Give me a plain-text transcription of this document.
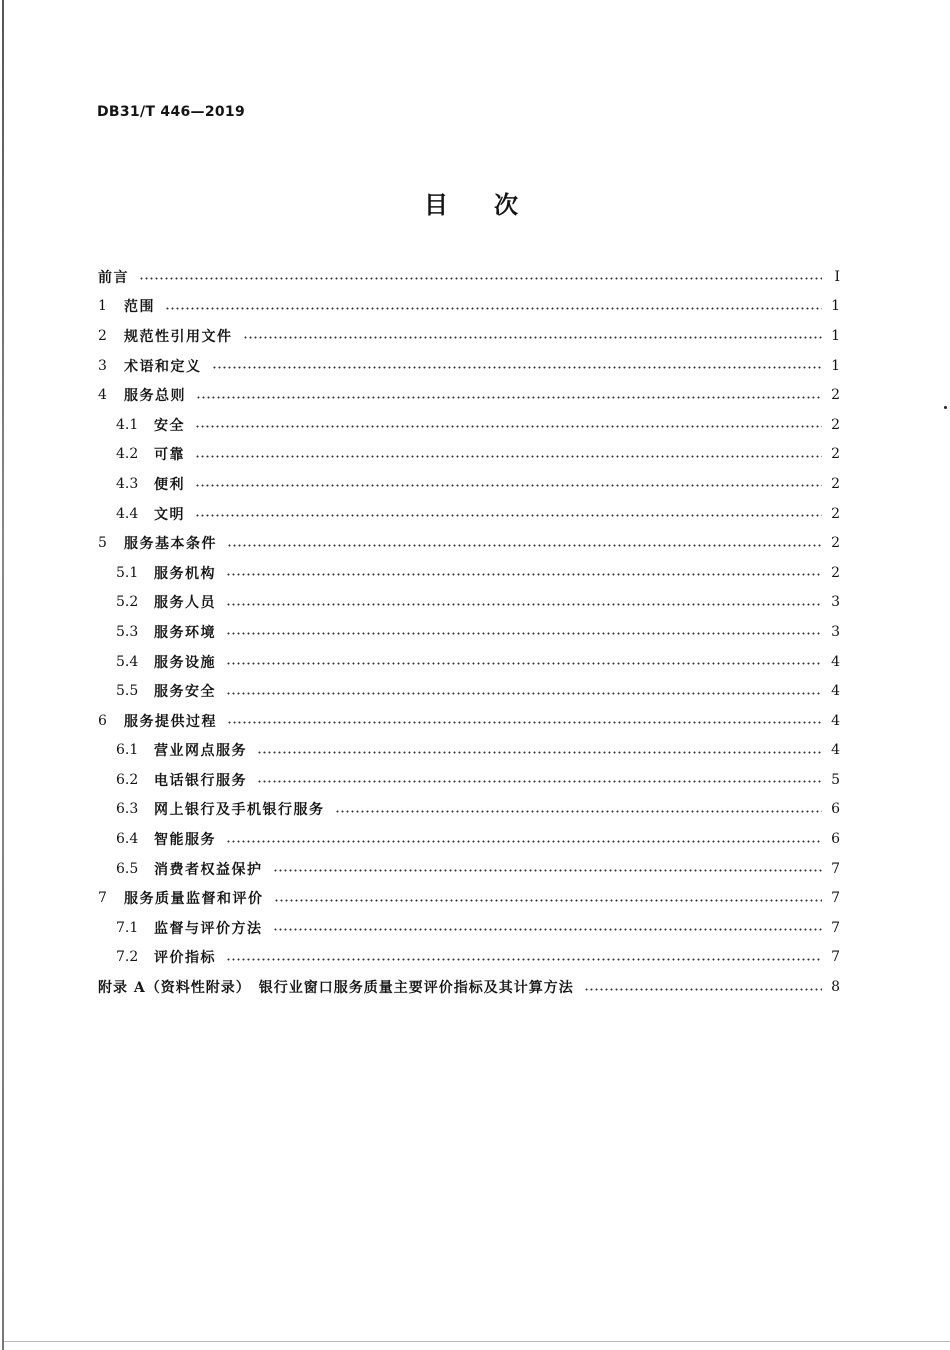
DB31/T 446—2019
目次
前言	I
1	范围	1
2	规范性引用文件	1
3	术语和定义	1
4	服务总则	2
4.1	安全	2
4.2	可靠	2
4.3	便利	2
4.4	文明	2
5	服务基本条件	2
5.1	服务机构	2
5.2	服务人员	3
5.3	服务环境	3
5.4	服务设施	4
5.5	服务安全	4
6	服务提供过程	4
6.1	营业网点服务	4
6.2	电话银行服务	5
6.3	网上银行及手机银行服务	6
6.4	智能服务	6
6.5	消费者权益保护	7
7	服务质量监督和评价	7
7.1	监督与评价方法	7
7.2	评价指标	7
附录 A（资料性附录）　银行业窗口服务质量主要评价指标及其计算方法	8
